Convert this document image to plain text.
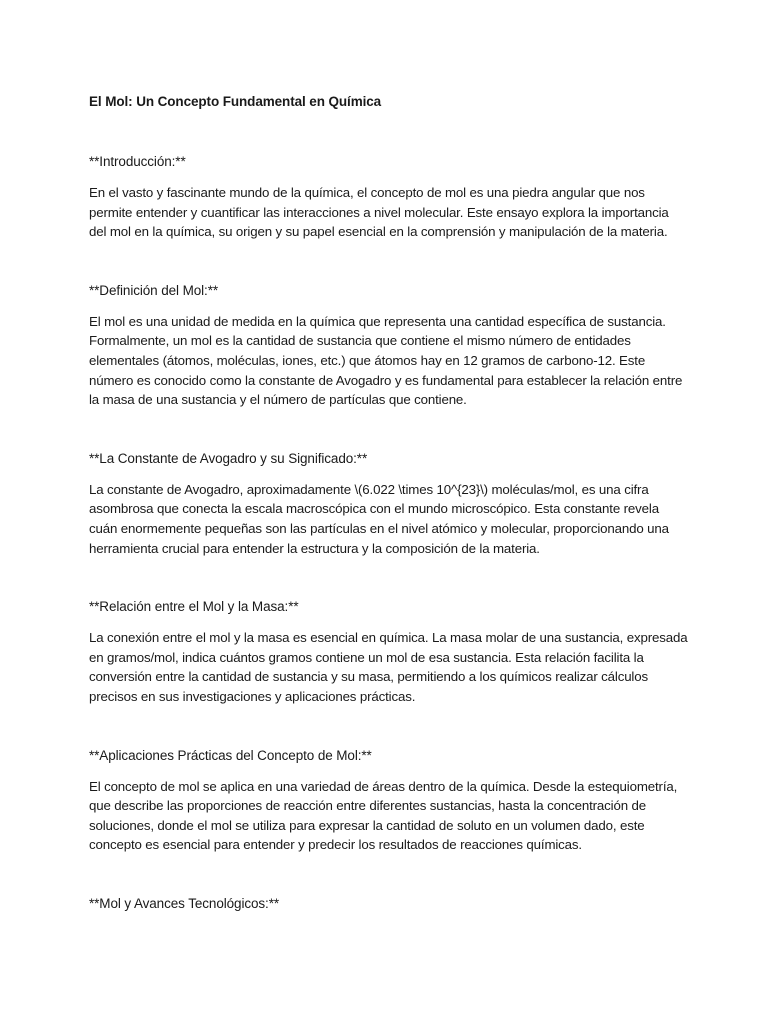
El Mol: Un Concepto Fundamental en Química

**Introducción:**

En el vasto y fascinante mundo de la química, el concepto de mol es una piedra angular que nos permite entender y cuantificar las interacciones a nivel molecular. Este ensayo explora la importancia del mol en la química, su origen y su papel esencial en la comprensión y manipulación de la materia.

**Definición del Mol:**

El mol es una unidad de medida en la química que representa una cantidad específica de sustancia. Formalmente, un mol es la cantidad de sustancia que contiene el mismo número de entidades elementales (átomos, moléculas, iones, etc.) que átomos hay en 12 gramos de carbono-12. Este número es conocido como la constante de Avogadro y es fundamental para establecer la relación entre la masa de una sustancia y el número de partículas que contiene.

**La Constante de Avogadro y su Significado:**

La constante de Avogadro, aproximadamente \(6.022 \times 10^{23}\) moléculas/mol, es una cifra asombrosa que conecta la escala macroscópica con el mundo microscópico. Esta constante revela cuán enormemente pequeñas son las partículas en el nivel atómico y molecular, proporcionando una herramienta crucial para entender la estructura y la composición de la materia.

**Relación entre el Mol y la Masa:**

La conexión entre el mol y la masa es esencial en química. La masa molar de una sustancia, expresada en gramos/mol, indica cuántos gramos contiene un mol de esa sustancia. Esta relación facilita la conversión entre la cantidad de sustancia y su masa, permitiendo a los químicos realizar cálculos precisos en sus investigaciones y aplicaciones prácticas.

**Aplicaciones Prácticas del Concepto de Mol:**

El concepto de mol se aplica en una variedad de áreas dentro de la química. Desde la estequiometría, que describe las proporciones de reacción entre diferentes sustancias, hasta la concentración de soluciones, donde el mol se utiliza para expresar la cantidad de soluto en un volumen dado, este concepto es esencial para entender y predecir los resultados de reacciones químicas.

**Mol y Avances Tecnológicos:**
